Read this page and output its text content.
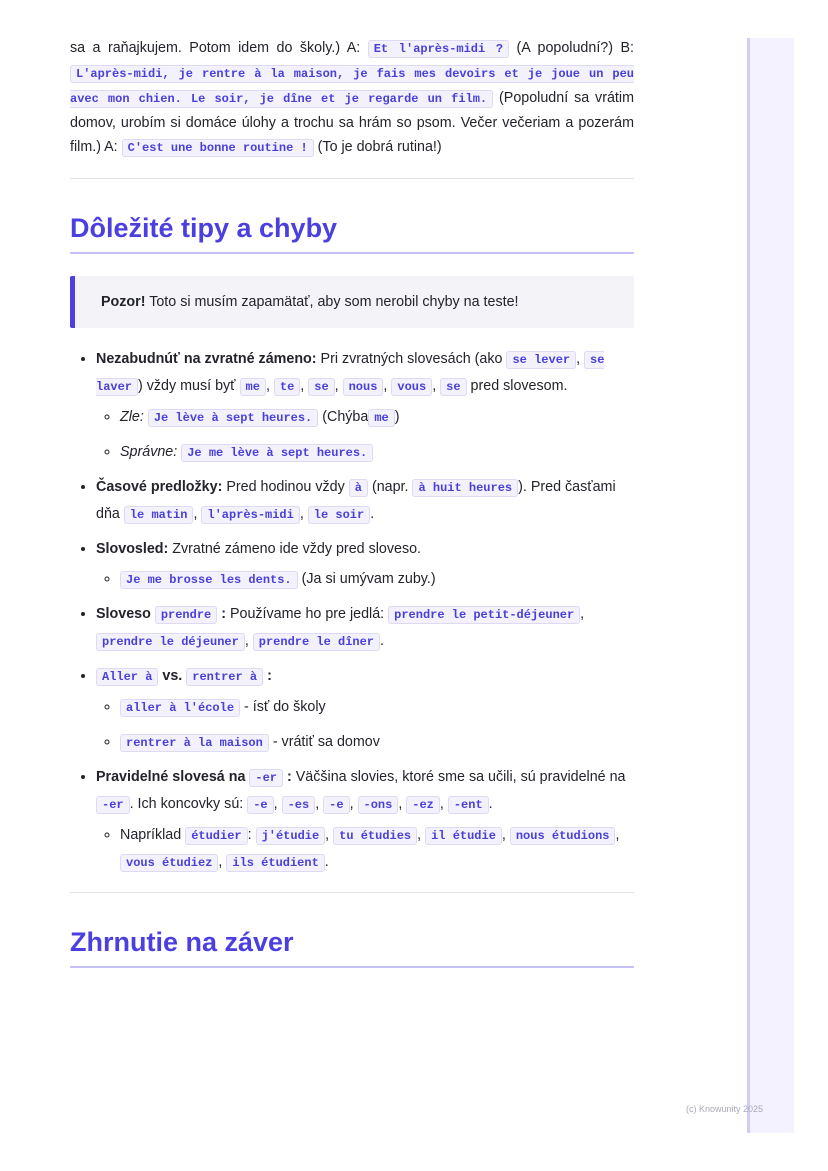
sa a raňajkujem. Potom idem do školy.) A: Et l'après-midi ? (A popoludní?) B: L'après-midi, je rentre à la maison, je fais mes devoirs et je joue un peu avec mon chien. Le soir, je dîne et je regarde un film. (Popoludní sa vrátim domov, urobím si domáce úlohy a trochu sa hrám so psom. Večer večeriam a pozerám film.) A: C'est une bonne routine ! (To je dobrá rutina!)

Dôležité tipy a chyby
Pozor! Toto si musím zapamätať, aby som nerobil chyby na teste!
• Nezabudnúť na zvratné zámeno: Pri zvratných slovesách (ako se lever , se laver ) vždy musí byť me , te , se , nous , vous , se pred slovesom.
◦ Zle: Je lève à sept heures. (Chýba me )
◦ Správne: Je me lève à sept heures.
• Časové predložky: Pred hodinou vždy à (napr. à huit heures ). Pred časťami dňa le matin , l'après-midi , le soir .
• Slovosled: Zvratné zámeno ide vždy pred sloveso.
◦ Je me brosse les dents. (Ja si umývam zuby.)
• Sloveso prendre : Používame ho pre jedlá: prendre le petit-déjeuner , prendre le déjeuner , prendre le dîner .
• Aller à vs. rentrer à :
◦ aller à l'école - ísť do školy
◦ rentrer à la maison - vrátiť sa domov
• Pravidelné slovesá na -er : Väčšina slovies, ktoré sme sa učili, sú pravidelné na -er . Ich koncovky sú: -e , -es , -e , -ons , -ez , -ent .
◦ Napríklad étudier : j'étudie , tu étudies , il étudie , nous étudions , vous étudiez , ils étudient .
Zhrnutie na záver
(c) Knowunity 2025
